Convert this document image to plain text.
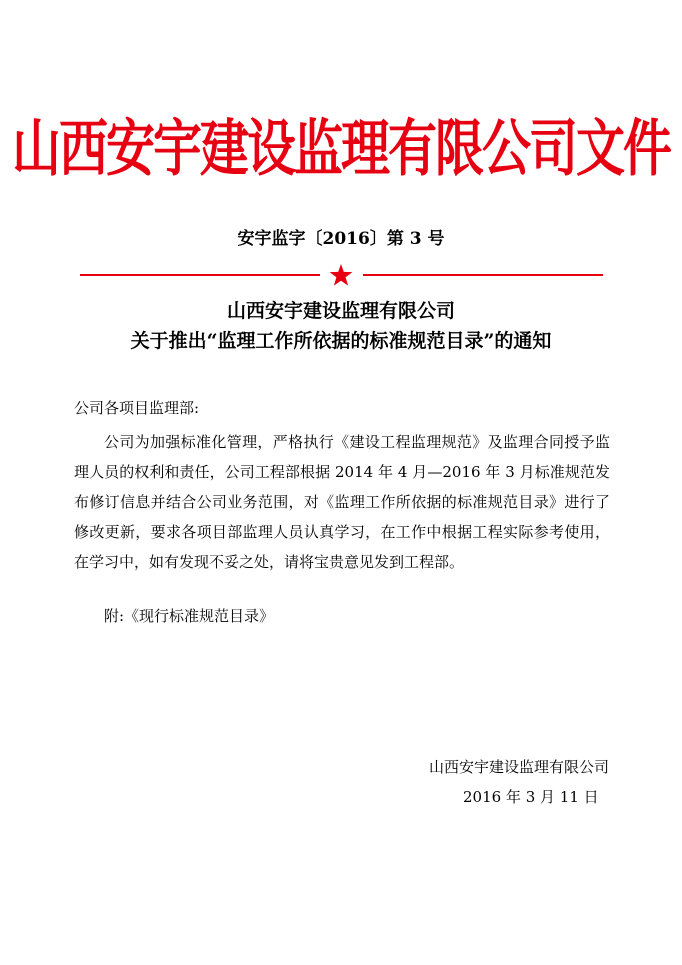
山西安宇建设监理有限公司文件
安宇监字〔2016〕第 3 号
山西安宇建设监理有限公司
关于推出“监理工作所依据的标准规范目录”的通知
公司各项目监理部:
公司为加强标准化管理，严格执行《建设工程监理规范》及监理合同授予监理人员的权利和责任，公司工程部根据 2014 年 4 月—2016 年 3 月标准规范发布修订信息并结合公司业务范围，对《监理工作所依据的标准规范目录》进行了修改更新，要求各项目部监理人员认真学习，在工作中根据工程实际参考使用，在学习中，如有发现不妥之处，请将宝贵意见发到工程部。
附:《现行标准规范目录》
山西安宇建设监理有限公司
2016 年 3 月 11 日
